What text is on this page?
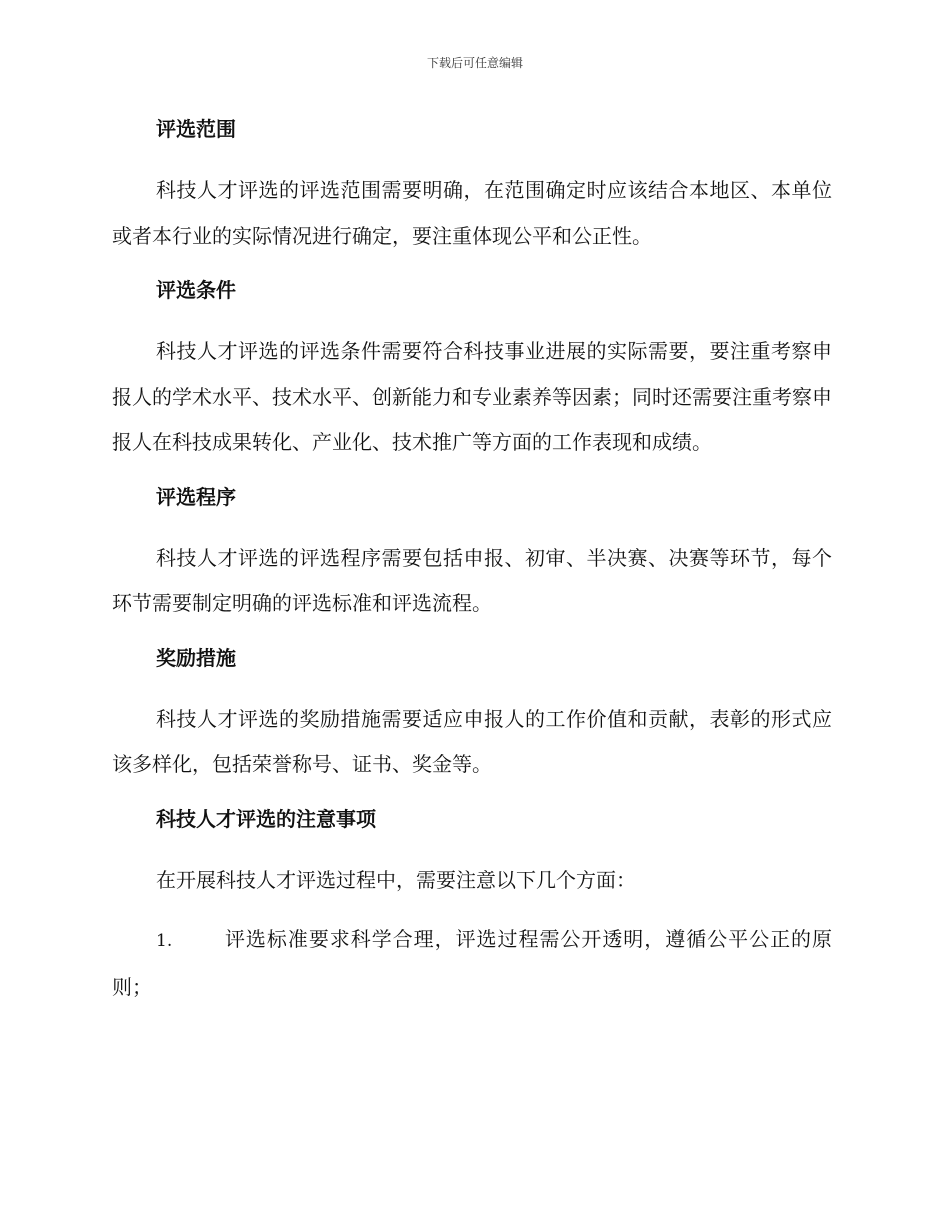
下载后可任意编辑
评选范围

科技人才评选的评选范围需要明确，在范围确定时应该结合本地区、本单位或者本行业的实际情况进行确定，要注重体现公平和公正性。

评选条件

科技人才评选的评选条件需要符合科技事业进展的实际需要，要注重考察申报人的学术水平、技术水平、创新能力和专业素养等因素；同时还需要注重考察申报人在科技成果转化、产业化、技术推广等方面的工作表现和成绩。

评选程序

科技人才评选的评选程序需要包括申报、初审、半决赛、决赛等环节，每个环节需要制定明确的评选标准和评选流程。

奖励措施

科技人才评选的奖励措施需要适应申报人的工作价值和贡献，表彰的形式应该多样化，包括荣誉称号、证书、奖金等。

科技人才评选的注意事项

在开展科技人才评选过程中，需要注意以下几个方面：

1.	评选标准要求科学合理，评选过程需公开透明，遵循公平公正的原则；
